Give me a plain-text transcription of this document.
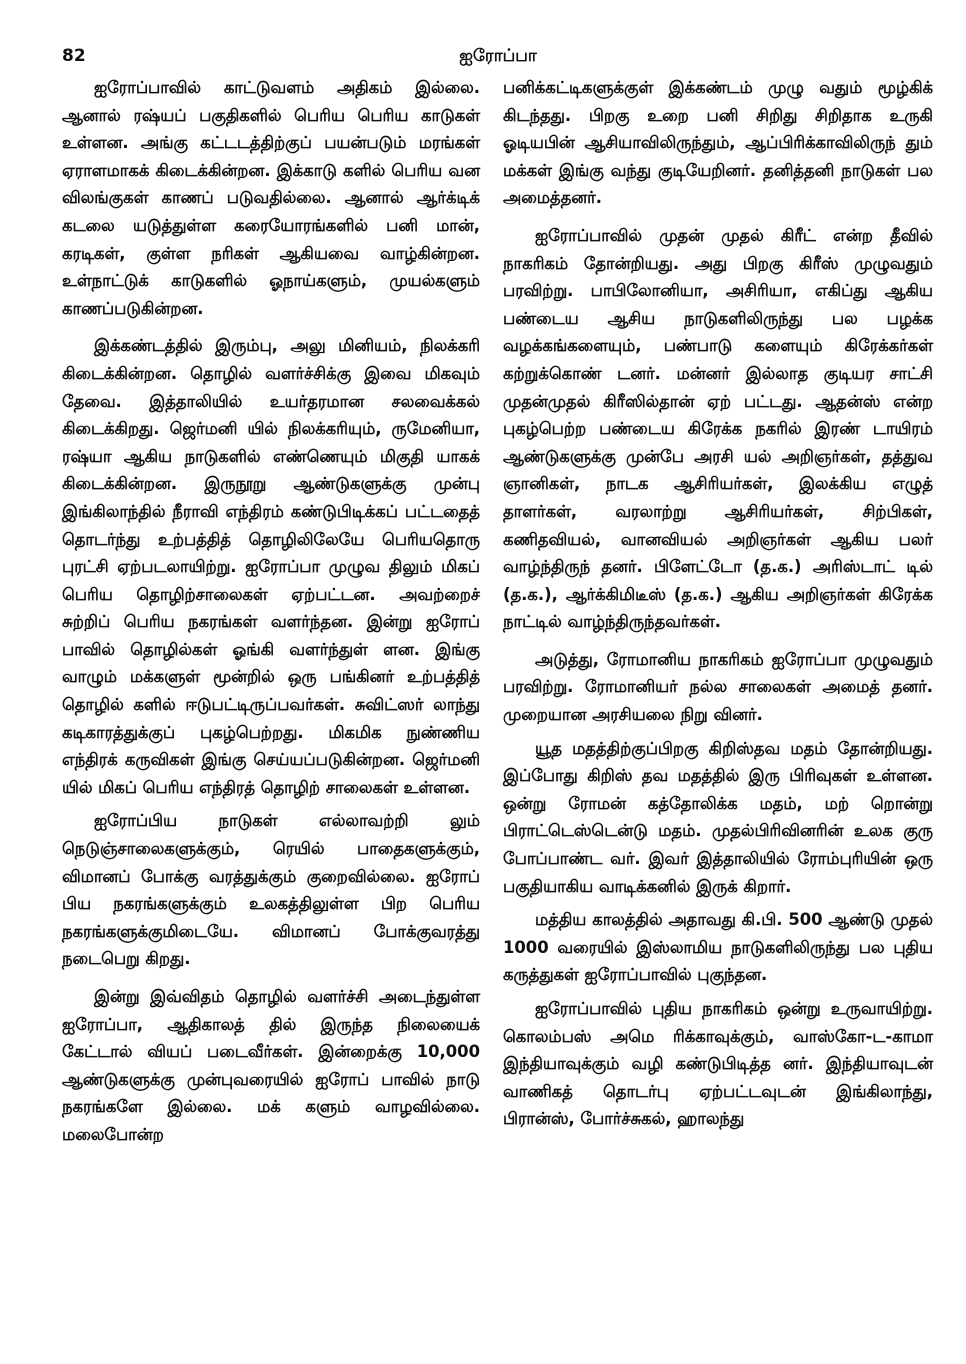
82	ஐரோப்பா

ஐரோப்பாவில் காட்டுவளம் அதிகம் இல்லை. ஆனால் ரஷ்யப் பகுதிகளில் பெரிய பெரிய காடுகள் உள்ளன. அங்கு கட்டடத்திற்குப் பயன்படும் மரங்கள் ஏராளமாகக் கிடைக்கின்றன. இக்காடு களில் பெரிய வன விலங்குகள் காணப் படுவதில்லை. ஆனால் ஆர்க்டிக் கடலை யடுத்துள்ள கரையோரங்களில் பனி மான், கரடிகள், குள்ள நரிகள் ஆகியவை வாழ்கின்றன. உள்நாட்டுக் காடுகளில் ஓநாய்களும், முயல்களும் காணப்படுகின்றன.

இக்கண்டத்தில் இரும்பு, அலு மினியம், நிலக்கரி கிடைக்கின்றன. தொழில் வளர்ச்சிக்கு இவை மிகவும் தேவை. இத்தாலியில் உயர்தரமான சலவைக்கல் கிடைக்கிறது. ஜெர்மனி யில் நிலக்கரியும், ருமேனியா, ரஷ்யா ஆகிய நாடுகளில் எண்ணெயும் மிகுதி யாகக் கிடைக்கின்றன. இருநூறு ஆண்டுகளுக்கு முன்பு இங்கிலாந்தில் நீராவி எந்திரம் கண்டுபிடிக்கப் பட்டதைத் தொடர்ந்து உற்பத்தித் தொழிலிலேயே பெரியதொரு புரட்சி ஏற்படலாயிற்று. ஐரோப்பா முழுவ திலும் மிகப் பெரிய தொழிற்சாலைகள் ஏற்பட்டன. அவற்றைச் சுற்றிப் பெரிய நகரங்கள் வளர்ந்தன. இன்று ஐரோப் பாவில் தொழில்கள் ஓங்கி வளர்ந்துள் ளன. இங்கு வாழும் மக்களுள் மூன்றில் ஒரு பங்கினர் உற்பத்தித் தொழில் களில் ஈடுபட்டிருப்பவர்கள். சுவிட்ஸர் லாந்து கடிகாரத்துக்குப் புகழ்பெற்றது. மிகமிக நுண்ணிய எந்திரக் கருவிகள் இங்கு செய்யப்படுகின்றன. ஜெர்மனி யில் மிகப் பெரிய எந்திரத் தொழிற் சாலைகள் உள்ளன.

ஐரோப்பிய நாடுகள் எல்லாவற்றி லும் நெடுஞ்சாலைகளுக்கும், ரெயில் பாதைகளுக்கும், விமானப் போக்கு வரத்துக்கும் குறைவில்லை. ஐரோப் பிய நகரங்களுக்கும் உலகத்திலுள்ள பிற பெரிய நகரங்களுக்குமிடையே. விமானப் போக்குவரத்து நடைபெறு கிறது.

இன்று இவ்விதம் தொழில் வளர்ச்சி அடைந்துள்ள ஐரோப்பா, ஆதிகாலத் தில் இருந்த நிலையைக் கேட்டால் வியப் படைவீர்கள். இன்றைக்கு 10,000 ஆண்டுகளுக்கு முன்புவரையில் ஐரோப் பாவில் நாடு நகரங்களே இல்லை. மக் களும் வாழவில்லை. மலைபோன்ற

பனிக்கட்டிகளுக்குள் இக்கண்டம் முழு வதும் மூழ்கிக் கிடந்தது. பிறகு உறை பனி சிறிது சிறிதாக உருகி ஓடியபின் ஆசியாவிலிருந்தும், ஆப்பிரிக்காவிலிருந் தும் மக்கள் இங்கு வந்து குடியேறினர். தனித்தனி நாடுகள் பல அமைத்தனர்.

ஐரோப்பாவில் முதன் முதல் கிரீட் என்ற தீவில் நாகரிகம் தோன்றியது. அது பிறகு கிரீஸ் முழுவதும் பரவிற்று. பாபிலோனியா, அசிரியா, எகிப்து ஆகிய பண்டைய ஆசிய நாடுகளிலிருந்து பல பழக்க வழக்கங்களையும், பண்பாடு களையும் கிரேக்கர்கள் கற்றுக்கொண் டனர். மன்னர் இல்லாத குடியர சாட்சி முதன்முதல் கிரீஸில்தான் ஏற் பட்டது. ஆதன்ஸ் என்ற புகழ்பெற்ற பண்டைய கிரேக்க நகரில் இரண் டாயிரம் ஆண்டுகளுக்கு முன்பே அரசி யல் அறிஞர்கள், தத்துவ ஞானிகள், நாடக ஆசிரியர்கள், இலக்கிய எழுத் தாளர்கள், வரலாற்று ஆசிரியர்கள், சிற்பிகள், கணிதவியல், வானவியல் அறிஞர்கள் ஆகிய பலர் வாழ்ந்திருந் தனர். பிளேட்டோ (த.க.) அரிஸ்டாட் டில் (த.க.), ஆர்க்கிமிடீஸ் (த.க.) ஆகிய அறிஞர்கள் கிரேக்க நாட்டில் வாழ்ந்திருந்தவர்கள்.

அடுத்து, ரோமானிய நாகரிகம் ஐரோப்பா முழுவதும் பரவிற்று. ரோமானியர் நல்ல சாலைகள் அமைத் தனர். முறையான அரசியலை நிறு வினர்.

யூத மதத்திற்குப்பிறகு கிறிஸ்தவ மதம் தோன்றியது. இப்போது கிறிஸ் தவ மதத்தில் இரு பிரிவுகள் உள்ளன. ஒன்று ரோமன் கத்தோலிக்க மதம், மற் றொன்று பிராட்டெஸ்டென்டு மதம். முதல்பிரிவினரின் உலக குரு போப்பாண்ட வர். இவர் இத்தாலியில் ரோம்புரியின் ஒரு பகுதியாகிய வாடிக்கனில் இருக் கிறார்.

மத்திய காலத்தில் அதாவது கி.பி. 500 ஆண்டு முதல் 1000 வரையில் இஸ்லாமிய நாடுகளிலிருந்து பல புதிய கருத்துகள் ஐரோப்பாவில் புகுந்தன.

ஐரோப்பாவில் புதிய நாகரிகம் ஒன்று உருவாயிற்று. கொலம்பஸ் அமெ ரிக்காவுக்கும், வாஸ்கோ-ட-காமா இந்தியாவுக்கும் வழி கண்டுபிடித்த னர். இந்தியாவுடன் வாணிகத் தொடர்பு ஏற்பட்டவுடன் இங்கிலாந்து, பிரான்ஸ், போர்ச்சுகல், ஹாலந்து
